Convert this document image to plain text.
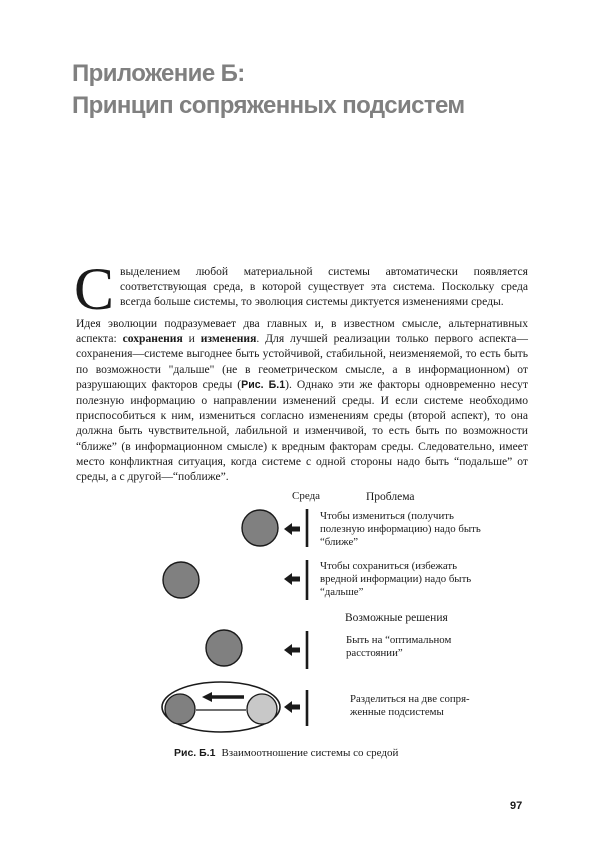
Приложение Б:
Принцип сопряженных подсистем
Свыделением любой материальной системы автоматически появляется соответствующая среда, в которой существует эта система. Поскольку среда всегда больше системы, то эволюция системы диктуется изменениями среды.
Идея эволюции подразумевает два главных и, в известном смысле, альтернативных аспекта: сохранения и изменения. Для лучшей реализации только первого аспекта—сохранения—системе выгоднее быть устойчивой, стабильной, неизменяемой, то есть быть по возможности "дальше" (не в геометрическом смысле, а в информационном) от разрушающих факторов среды (Рис. Б.1). Однако эти же факторы одновременно несут полезную информацию о направлении изменений среды. И если системе необходимо приспособиться к ним, измениться согласно изменениям среды (второй аспект), то она должна быть чувствительной, лабильной и изменчивой, то есть быть по возможности “ближе” (в информационном смысле) к вредным факторам среды. Следовательно, имеет место конфликтная ситуация, когда системе с одной стороны надо быть “подальше” от среды, а с другой—“поближе”.
Среда	Проблема
Возможные решения
Чтобы измениться (получить полезную информацию) надо быть “ближе”
Чтобы сохраниться (избежать вредной информации) надо быть “дальше”
Быть на “оптимальном расстоянии”
Разделиться на две сопря-женные подсистемы
Рис. Б.1 Взаимоотношение системы со средой
97
